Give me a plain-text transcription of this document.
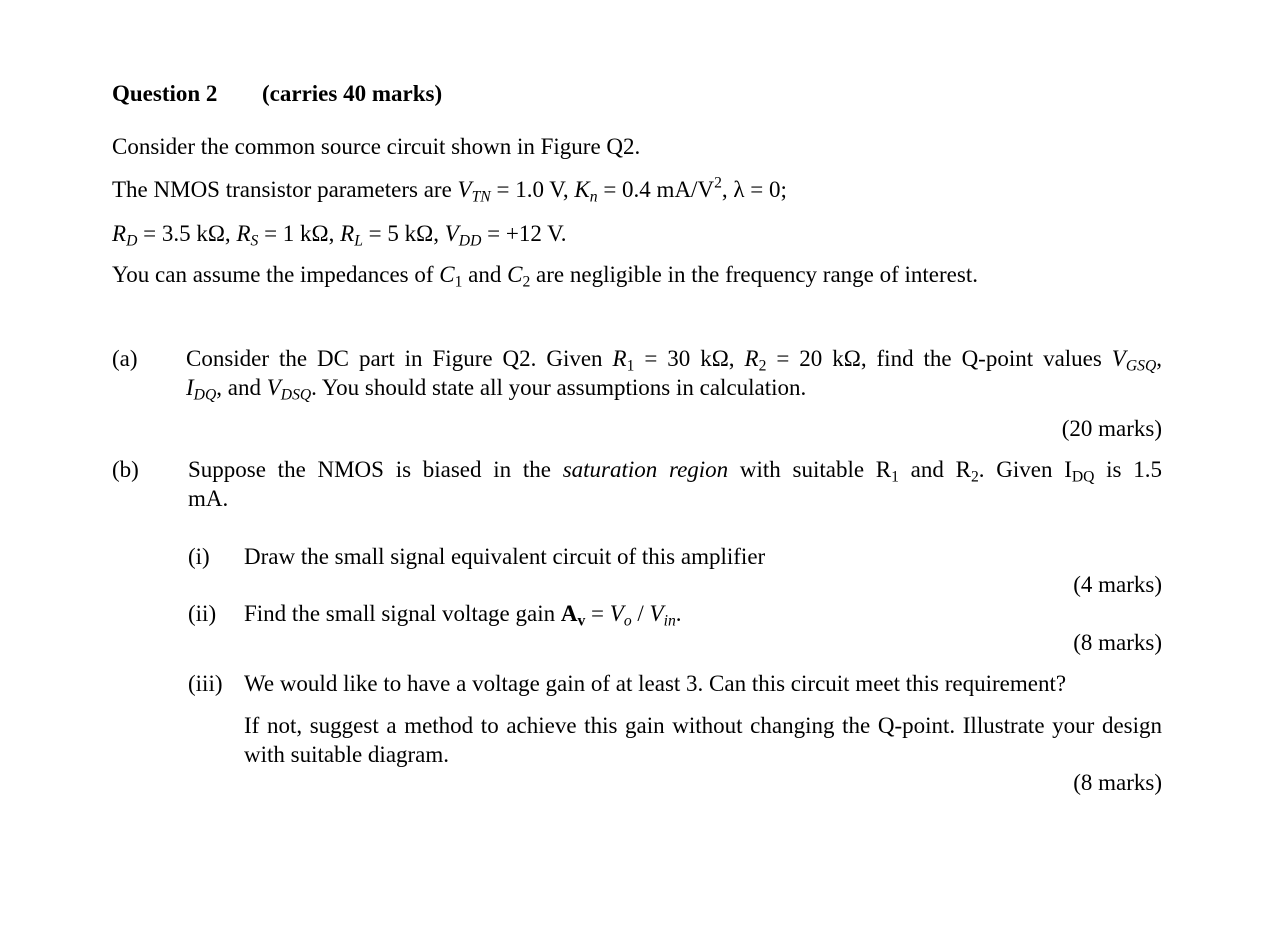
Question 2 (carries 40 marks)
Consider the common source circuit shown in Figure Q2.
The NMOS transistor parameters are $V_{TN} = 1.0$ V, $K_n = 0.4$ $mA/V^2$, λ = 0;
$R_D = 3.5$ kΩ, $R_S = 1$ kΩ, $R_L = 5$ kΩ, $V_{DD} = +12$ V.
You can assume the impedances of $C_1$ and $C_2$ are negligible in the frequency range of interest.
(a) Consider the DC part in Figure Q2. Given $R_1 = 30$ kΩ, $R_2 = 20$ kΩ, find the Q-point values $V_{GSQ}$,
$I_{DQ}$, and $V_{DSQ}$. You should state all your assumptions in calculation.
(20 marks)
(b) Suppose the NMOS is biased in the saturation region with suitable $R_1$ and $R_2$. Given $I_{DQ}$ is 1.5
mA.
(i) Draw the small signal equivalent circuit of this amplifier
(4 marks)
(ii) Find the small signal voltage gain $A_v = V_o / V_{in}$.
(8 marks)
(iii) We would like to have a voltage gain of at least 3. Can this circuit meet this requirement?
If not, suggest a method to achieve this gain without changing the Q-point. Illustrate your design with suitable diagram.
(8 marks)
